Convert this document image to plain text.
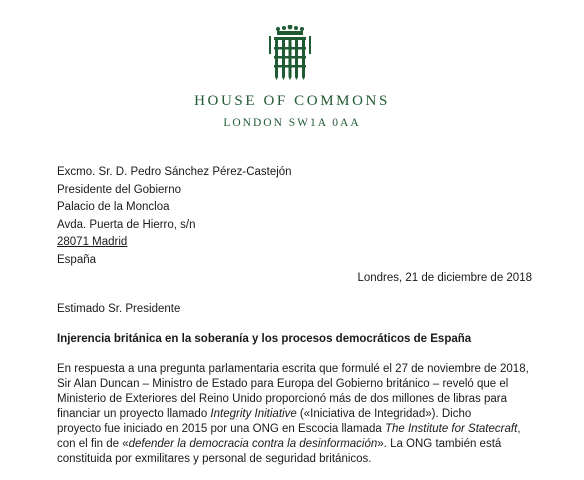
HOUSE OF COMMONS
LONDON SW1A 0AA
Excmo. Sr. D. Pedro Sánchez Pérez-Castejón
Presidente del Gobierno
Palacio de la Moncloa
Avda. Puerta de Hierro, s/n
28071 Madrid
España
Londres, 21 de diciembre de 2018
Estimado Sr. Presidente
Injerencia británica en la soberanía y los procesos democráticos de España
En respuesta a una pregunta parlamentaria escrita que formulé el 27 de noviembre de 2018,
Sir Alan Duncan – Ministro de Estado para Europa del Gobierno británico – reveló que el
Ministerio de Exteriores del Reino Unido proporcionó más de dos millones de libras para
financiar un proyecto llamado Integrity Initiative («Iniciativa de Integridad»). Dicho
proyecto fue iniciado en 2015 por una ONG en Escocia llamada The Institute for Statecraft,
con el fin de «defender la democracia contra la desinformación». La ONG también está
constituida por exmilitares y personal de seguridad británicos.
